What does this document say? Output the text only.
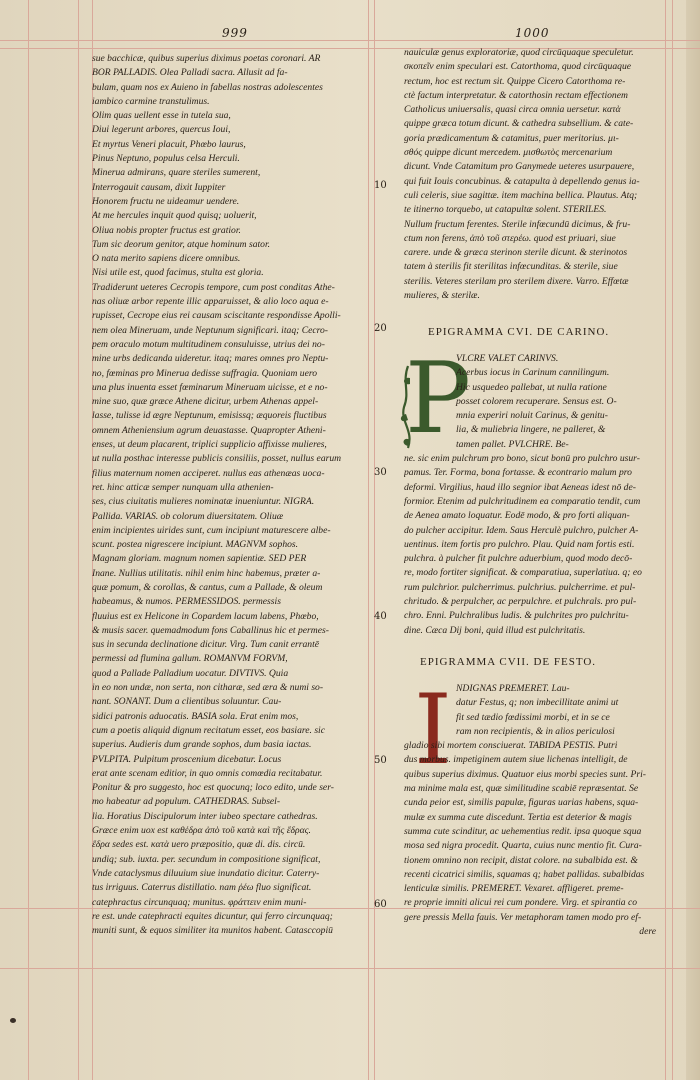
999	1000
10
20
30
40
50
60
sue bacchicæ, quibus superius diximus poetas coronari. AR
BOR PALLADIS. Olea Palladi sacra. Allusit ad fa-
bulam, quam nos ex Auieno in fabellas nostras adolescentes
iambico carmine transtulimus.
Olim quas uellent esse in tutela sua,
Diui legerunt arbores, quercus Ioui,
Et myrtus Veneri placuit, Phœbo laurus,
Pinus Neptuno, populus celsa Herculi.
Minerua admirans, quare steriles sumerent,
Interrogauit causam, dixit Iuppiter
Honorem fructu ne uideamur uendere.
At me hercules inquit quod quisq; uoluerit,
Oliua nobis propter fructus est gratior.
Tum sic deorum genitor, atque hominum sator.
O nata merito sapiens dicere omnibus.
Nisi utile est, quod facimus, stulta est gloria.
Tradiderunt ueteres Cecropis tempore, cum post conditas Athe-
nas oliuæ arbor repente illic apparuisset, & alio loco aqua e-
rupisset, Cecrope eius rei causam sciscitante respondisse Apolli-
nem olea Mineruam, unde Neptunum significari. itaq; Cecro-
pem oraculo motum multitudinem consuluisse, utrius dei no-
mine urbs dedicanda uideretur. itaq; mares omnes pro Neptu-
no, fœminas pro Minerua dedisse suffragia. Quoniam uero
una plus inuenta esset fœminarum Mineruam uicisse, et e no-
mine suo, quæ græce Athene dicitur, urbem Athenas appel-
lasse, tulisse id ægre Neptunum, emisissq; æquoreis fluctibus
omnem Atheniensium agrum deuastasse. Quapropter Atheni-
enses, ut deum placarent, triplici supplicio affixisse mulieres,
ut nulla posthac interesse publicis consiliis, posset, nullus earum
filius maternum nomen acciperet. nullus eas athenæas uoca-
ret. hinc atticæ semper nunquam ulla athenien-
ses, cius ciuitatis mulieres nominatæ inueniuntur. NIGRA.
Pallida. VARIAS. ob colorum diuersitatem. Oliuæ
enim incipientes uirides sunt, cum incipiunt maturescere albe-
scunt. postea nigrescere incipiunt. MAGNVM sophos.
Magnam gloriam. magnum nomen sapientiæ. SED PER
Inane. Nullius utilitatis. nihil enim hinc habemus, præter a-
quæ pomum, & corollas, & cantus, cum a Pallade, & oleum
habeamus, & numos. PERMESSIDOS. permessis
fluuius est ex Helicone in Copardem lacum labens, Phœbo,
& musis sacer. quemadmodum fons Caballinus hic et permes-
sus in secunda declinatione dicitur. Virg. Tum canit errantē
permessi ad flumina gallum. ROMANVM FORVM,
quod a Pallade Palladium uocatur. DIVTIVS. Quia
in eo non undæ, non serta, non citharæ, sed æra & numi so-
nant. SONANT. Dum a clientibus soluuntur. Cau-
sidici patronis aduocatis. BASIA sola. Erat enim mos,
cum a poetis aliquid dignum recitatum esset, eos basiare. sic
superius. Audieris dum grande sophos, dum basia iactas.
PVLPITA. Pulpitum proscenium dicebatur. Locus
erat ante scenam editior, in quo omnis comœdia recitabatur.
Ponitur & pro suggesto, hoc est quocunq; loco edito, unde ser-
mo habeatur ad populum. CATHEDRAS. Subsel-
lia. Horatius Discipulorum inter iubeo spectare cathedras.
Græce enim uox est καθέδρα ἀπὸ τοῦ κατὰ καὶ τῆς ἕδρας.
ἕδρα sedes est. κατὰ uero præpositio, quæ di. dis. circū.
undiq; sub. iuxta. per. secundum in compositione significat,
Vnde cataclysmus diluuium siue inundatio dicitur. Caterry-
tus irriguus. Caterrus distillatio. nam ῥέω fluo significat.
catephractus circunquaq; munitus. φράττειν enim muni-
re est. unde catephracti equites dicuntur, qui ferro circunquaq;
muniti sunt, & equos similiter ita munitos habent. Catasccopiū
nauiculæ genus exploratoriæ, quod circūquaque speculetur.
σκοπεῖν enim speculari est. Catorthoma, quod circūquaque
rectum, hoc est rectum sit. Quippe Cicero Catorthoma re-
ctè factum interpretatur. & catorthosin rectam effectionem
Catholicus uniuersalis, quasi circa omnia uersetur. κατὰ
quippe græca totum dicunt. & cathedra subsellium. & cate-
goria prædicamentum & catamitus, puer meritorius. μι-
σθός quippe dicunt mercedem. μισθωτὸς mercenarium
dicunt. Vnde Catamitum pro Ganymede ueteres usurpauere,
qui fuit Iouis concubinus. & catapulta à depellendo genus ia-
culi celeris, siue sagittæ. item machina bellica. Plautus. Atq;
te itinerno torquebo, ut catapultæ solent. STERILES.
Nullum fructum ferentes. Sterile infœcundū dicimus, & fru-
ctum non ferens, ἀπὸ τοῦ στερέω. quod est priuari, siue
carere. unde & græca sterinon sterile dicunt. & sterinotos
tatem à sterilis fit sterilitas infœcunditas. & sterile, siue
sterilis. Veteres sterilam pro sterilem dixere. Varro. Effœtæ
mulieres, & sterilæ.
EPIGRAMMA CVI. DE CARINO.
P
VLCRE VALET CARINVS.
Acerbus iocus in Carinum cannilingum.
Hic usquedeo pallebat, ut nulla ratione
posset colorem recuperare. Sensus est. O-
mnia experiri noluit Carinus, & genitu-
lia, & muliebria lingere, ne palleret, &
tamen pallet. PVLCHRE. Be-
ne. sic enim pulchrum pro bono, sicut bonū pro pulchro usur-
pamus. Ter. Forma, bona fortasse. & econtrario malum pro
deformi. Virgilius, haud illo segnior ibat Aeneas idest nō de-
formior. Etenim ad pulchritudinem ea comparatio tendit, cum
de Aenea amato loquatur. Eodē modo, & pro forti aliquan-
do pulcher accipitur. Idem. Saus Herculè pulchro, pulcher A-
uentinus. item fortis pro pulchro. Plau. Quid nam fortis esti.
pulchra. à pulcher fit pulchre aduerbium, quod modo decō-
re, modo fortiter significat. & comparatiua, superlatiua. q; eo
rum pulchrior. pulcherrimus. pulchrius. pulcherrime. et pul-
chritudo. & perpulcher, ac perpulchre. et pulchrals. pro pul-
chro. Enni. Pulchralibus ludis. & pulchrites pro pulchritu-
dine. Cæca Dij boni, quid illud est pulchritatis.
EPIGRAMMA CVII. DE FESTO.
I NDIGNAS PREMERET. Lau-
datur Festus, q; non imbecillitate animi ut
fit sed tædio fœdissimi morbi, et in se ce
ram non recipientis, & in alios periculosi
gladio sibi mortem consciuerat. TABIDA PESTIS. Putri
dus morbus. impetiginem autem siue lichenas intelligit, de
quibus superius diximus. Quatuor eius morbi species sunt. Pri-
ma minime mala est, quæ similitudine scabiē repræsentat. Se
cunda peior est, similis papulæ, figuras uarias habens, squa-
mulæ ex summa cute discedunt. Tertia est deterior & magis
summa cute scinditur, ac uehementius redit. ipsa quoque squa
mosa sed nigra procedit. Quarta, cuius nunc mentio fit. Cura-
tionem omnino non recipit, distat colore. na subalbida est. &
recenti cicatrici similis, squamas q; habet pallidas. subalbidas
lenticulæ similis. PREMERET. Vexaret. affligeret. preme-
re proprie imniti alicui rei cum pondere. Virg. et spirantia co
gere pressis Mella fauis. Ver metaphoram tamen modo pro ef-
dere
